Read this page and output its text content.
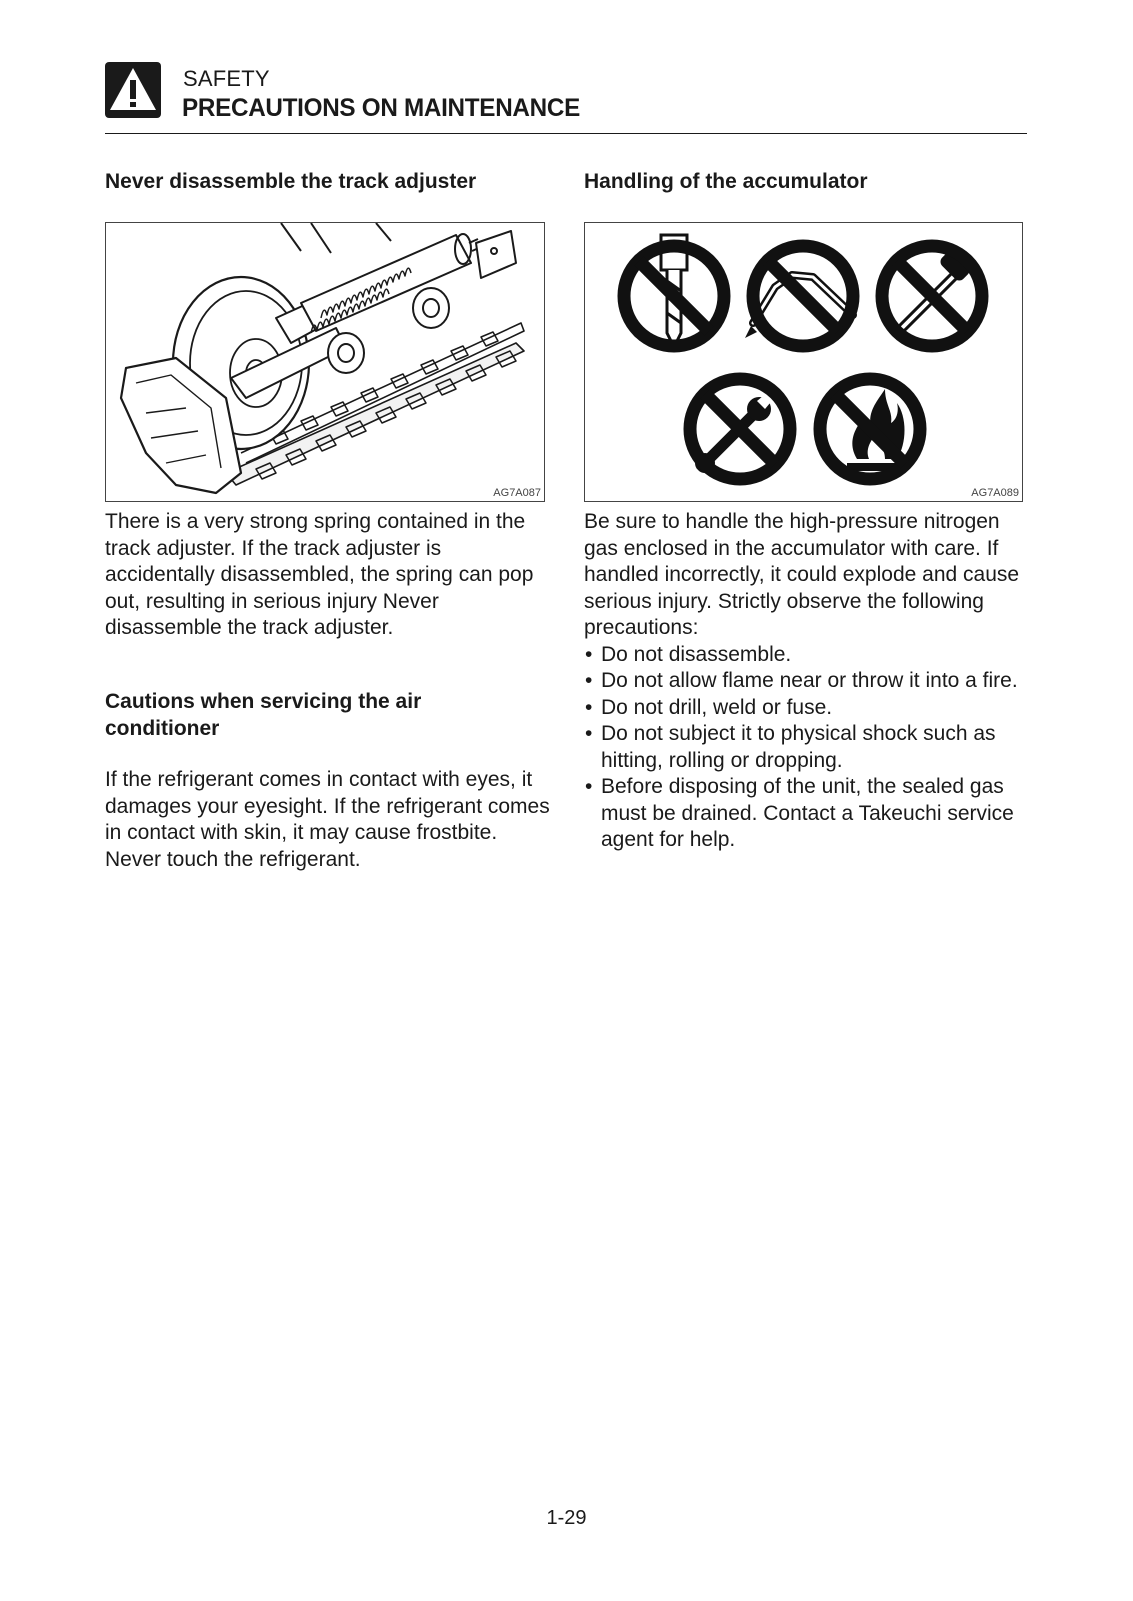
SAFETY
PRECAUTIONS ON MAINTENANCE
Never disassemble the track adjuster
AG7A087
There is a very strong spring contained in the track adjuster. If the track adjuster is accidentally disassembled, the spring can pop out, resulting in serious injury Never disassemble the track adjuster.
Cautions when servicing the air conditioner
If the refrigerant comes in contact with eyes, it damages your eyesight. If the refrigerant comes in contact with skin, it may cause frostbite. Never touch the refrigerant.
Handling of the accumulator
AG7A089
Be sure to handle the high-pressure nitrogen gas enclosed in the accumulator with care. If handled incorrectly, it could explode and cause serious injury. Strictly observe the following precautions:
• Do not disassemble.
• Do not allow flame near or throw it into a fire.
• Do not drill, weld or fuse.
• Do not subject it to physical shock such as hitting, rolling or dropping.
• Before disposing of the unit, the sealed gas must be drained. Contact a Takeuchi service agent for help.
1-29
